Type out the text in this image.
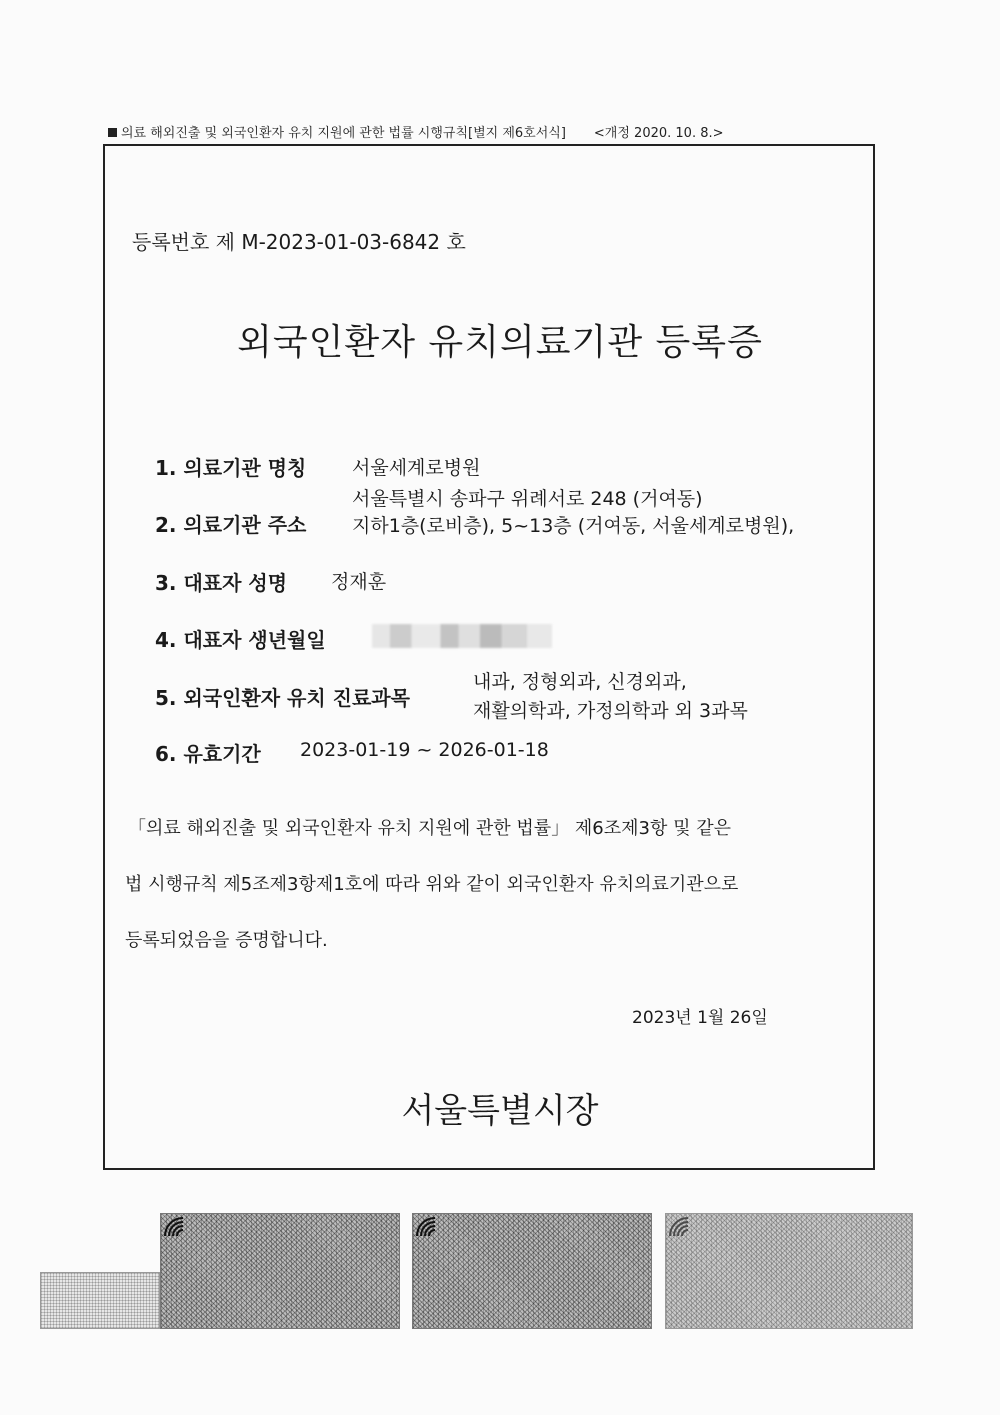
의료 해외진출 및 외국인환자 유치 지원에 관한 법률 시행규칙[별지 제6호서식] <개정 2020. 10. 8.>
등록번호 제 M-2023-01-03-6842 호
외국인환자 유치의료기관 등록증
1. 의료기관 명칭 서울세계로병원
서울특별시 송파구 위례서로 248 (거여동)
2. 의료기관 주소 지하1층(로비층), 5~13층 (거여동, 서울세계로병원),
3. 대표자 성명 정재훈
4. 대표자 생년월일
내과, 정형외과, 신경외과,
5. 외국인환자 유치 진료과목
재활의학과, 가정의학과 외 3과목
6. 유효기간 2023-01-19 ~ 2026-01-18
「의료 해외진출 및 외국인환자 유치 지원에 관한 법률」 제6조제3항 및 같은
법 시행규칙 제5조제3항제1호에 따라 위와 같이 외국인환자 유치의료기관으로
등록되었음을 증명합니다.
2023년 1월 26일
서울특별시장
